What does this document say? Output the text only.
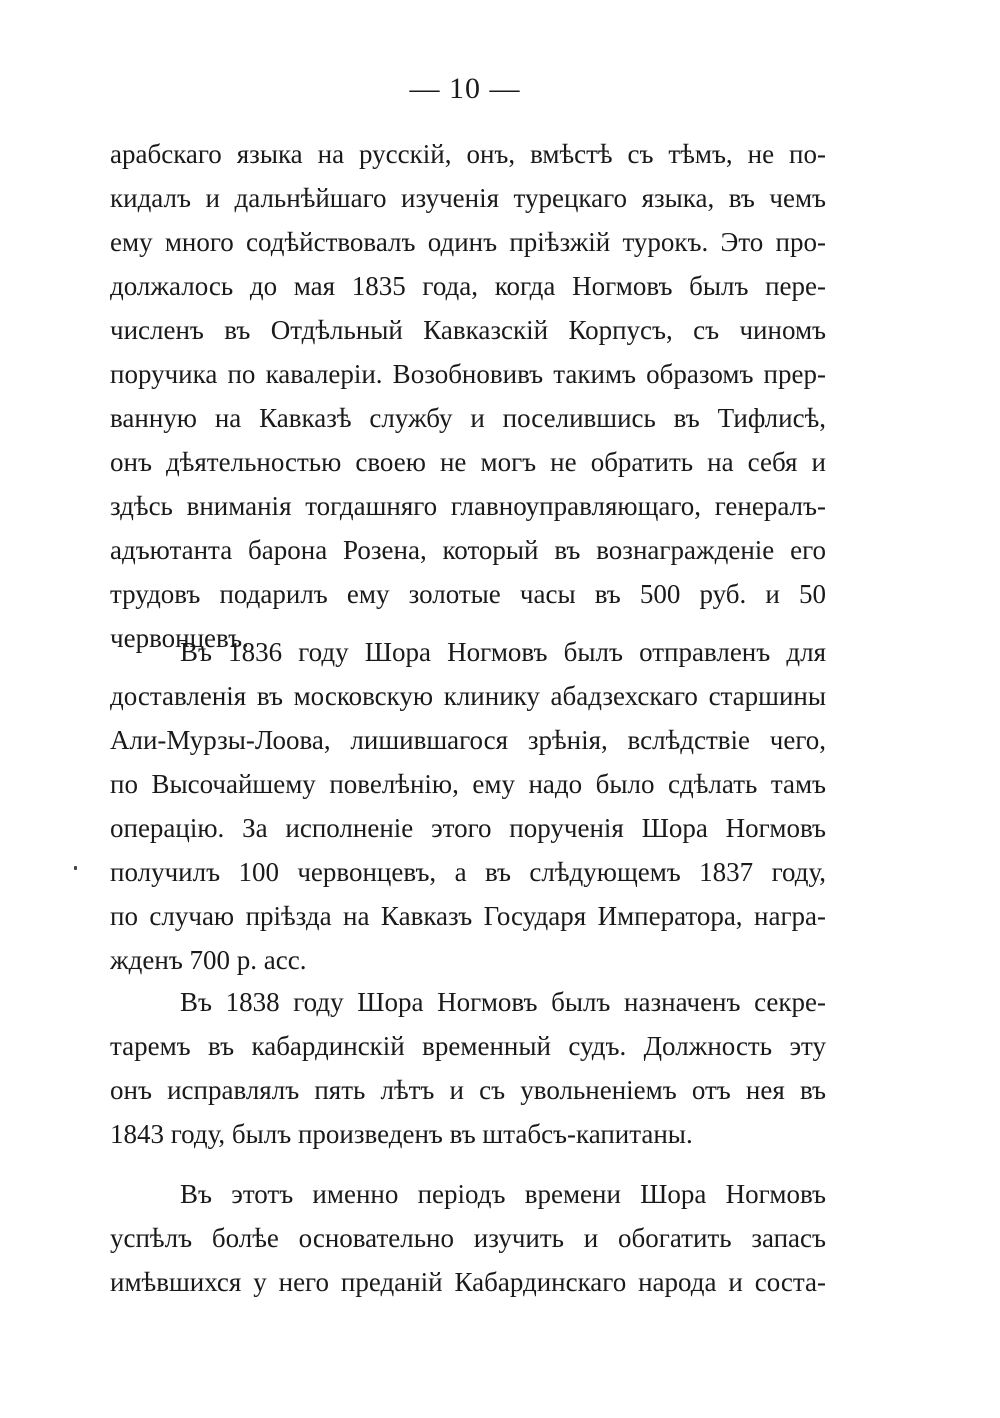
— 10 —
арабскаго языка на русскій, онъ, вмѣстѣ съ тѣмъ, не по-
кидалъ и дальнѣйшаго изученія турецкаго языка, въ чемъ
ему много содѣйствовалъ одинъ пріѣзжій турокъ. Это про-
должалось до мая 1835 года, когда Ногмовъ былъ пере-
численъ въ Отдѣльный Кавказскій Корпусъ, съ чиномъ
поручика по кавалеріи. Возобновивъ такимъ образомъ прер-
ванную на Кавказѣ службу и поселившись въ Тифлисѣ,
онъ дѣятельностью своею не могъ не обратить на себя и
здѣсь вниманія тогдашняго главноуправляющаго, генералъ-
адъютанта барона Розена, который въ вознагражденіе его
трудовъ подарилъ ему золотые часы въ 500 руб. и 50
червонцевъ.
Въ 1836 году Шора Ногмовъ былъ отправленъ для
доставленія въ московскую клинику абадзехскаго старшины
Али-Мурзы-Лоова, лишившагося зрѣнія, вслѣдствіе чего,
по Высочайшему повелѣнію, ему надо было сдѣлать тамъ
операцію. За исполненіе этого порученія Шора Ногмовъ
получилъ 100 червонцевъ, а въ слѣдующемъ 1837 году,
по случаю пріѣзда на Кавказъ Государя Императора, награ-
жденъ 700 р. асс.
Въ 1838 году Шора Ногмовъ былъ назначенъ секре-
таремъ въ кабардинскій временный судъ. Должность эту
онъ исправлялъ пять лѣтъ и съ увольненіемъ отъ нея въ
1843 году, былъ произведенъ въ штабсъ-капитаны.
Въ этотъ именно періодъ времени Шора Ногмовъ
успѣлъ болѣе основательно изучить и обогатить запасъ
имѣвшихся у него преданій Кабардинскаго народа и соста-
